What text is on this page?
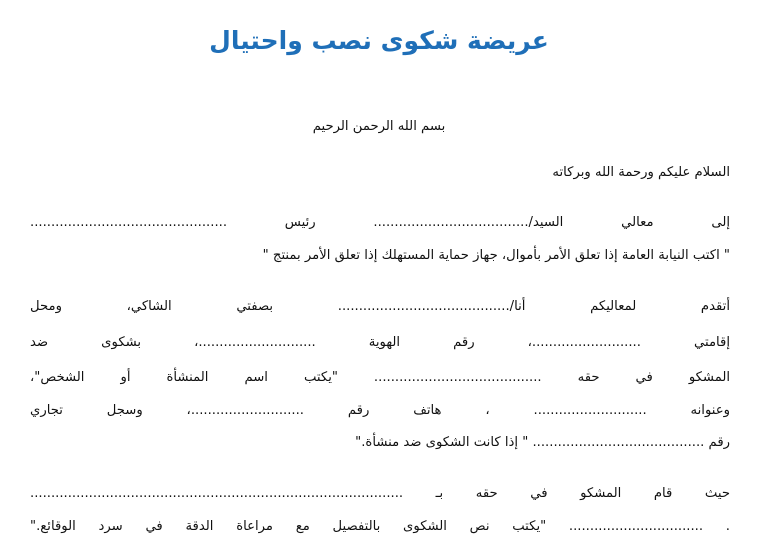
عريضة شكوى نصب واحتيال
بسم الله الرحمن الرحيم
السلام عليكم ورحمة الله وبركاته
إلى معالي السيد/..................................... رئيس ...............................................
" اكتب النيابة العامة إذا تعلق الأمر بأموال، جهاز حماية المستهلك إذا تعلق الأمر بمنتج "
أتقدم لمعاليكم أنا/......................................... بصفتي الشاكي، ومحل
إقامتي ..........................، رقم الهوية ............................، بشكوى ضد
المشكو في حقه ........................................ "يكتب اسم المنشأة أو الشخص"،
وعنوانه ........................... ، هاتف رقم ...........................، وسجل تجاري
رقم ......................................... " إذا كانت الشكوى ضد منشأة."
حيث قام المشكو في حقه بـ .........................................................................................
. ................................ "يكتب نص الشكوى بالتفصيل مع مراعاة الدقة في سرد الوقائع."
